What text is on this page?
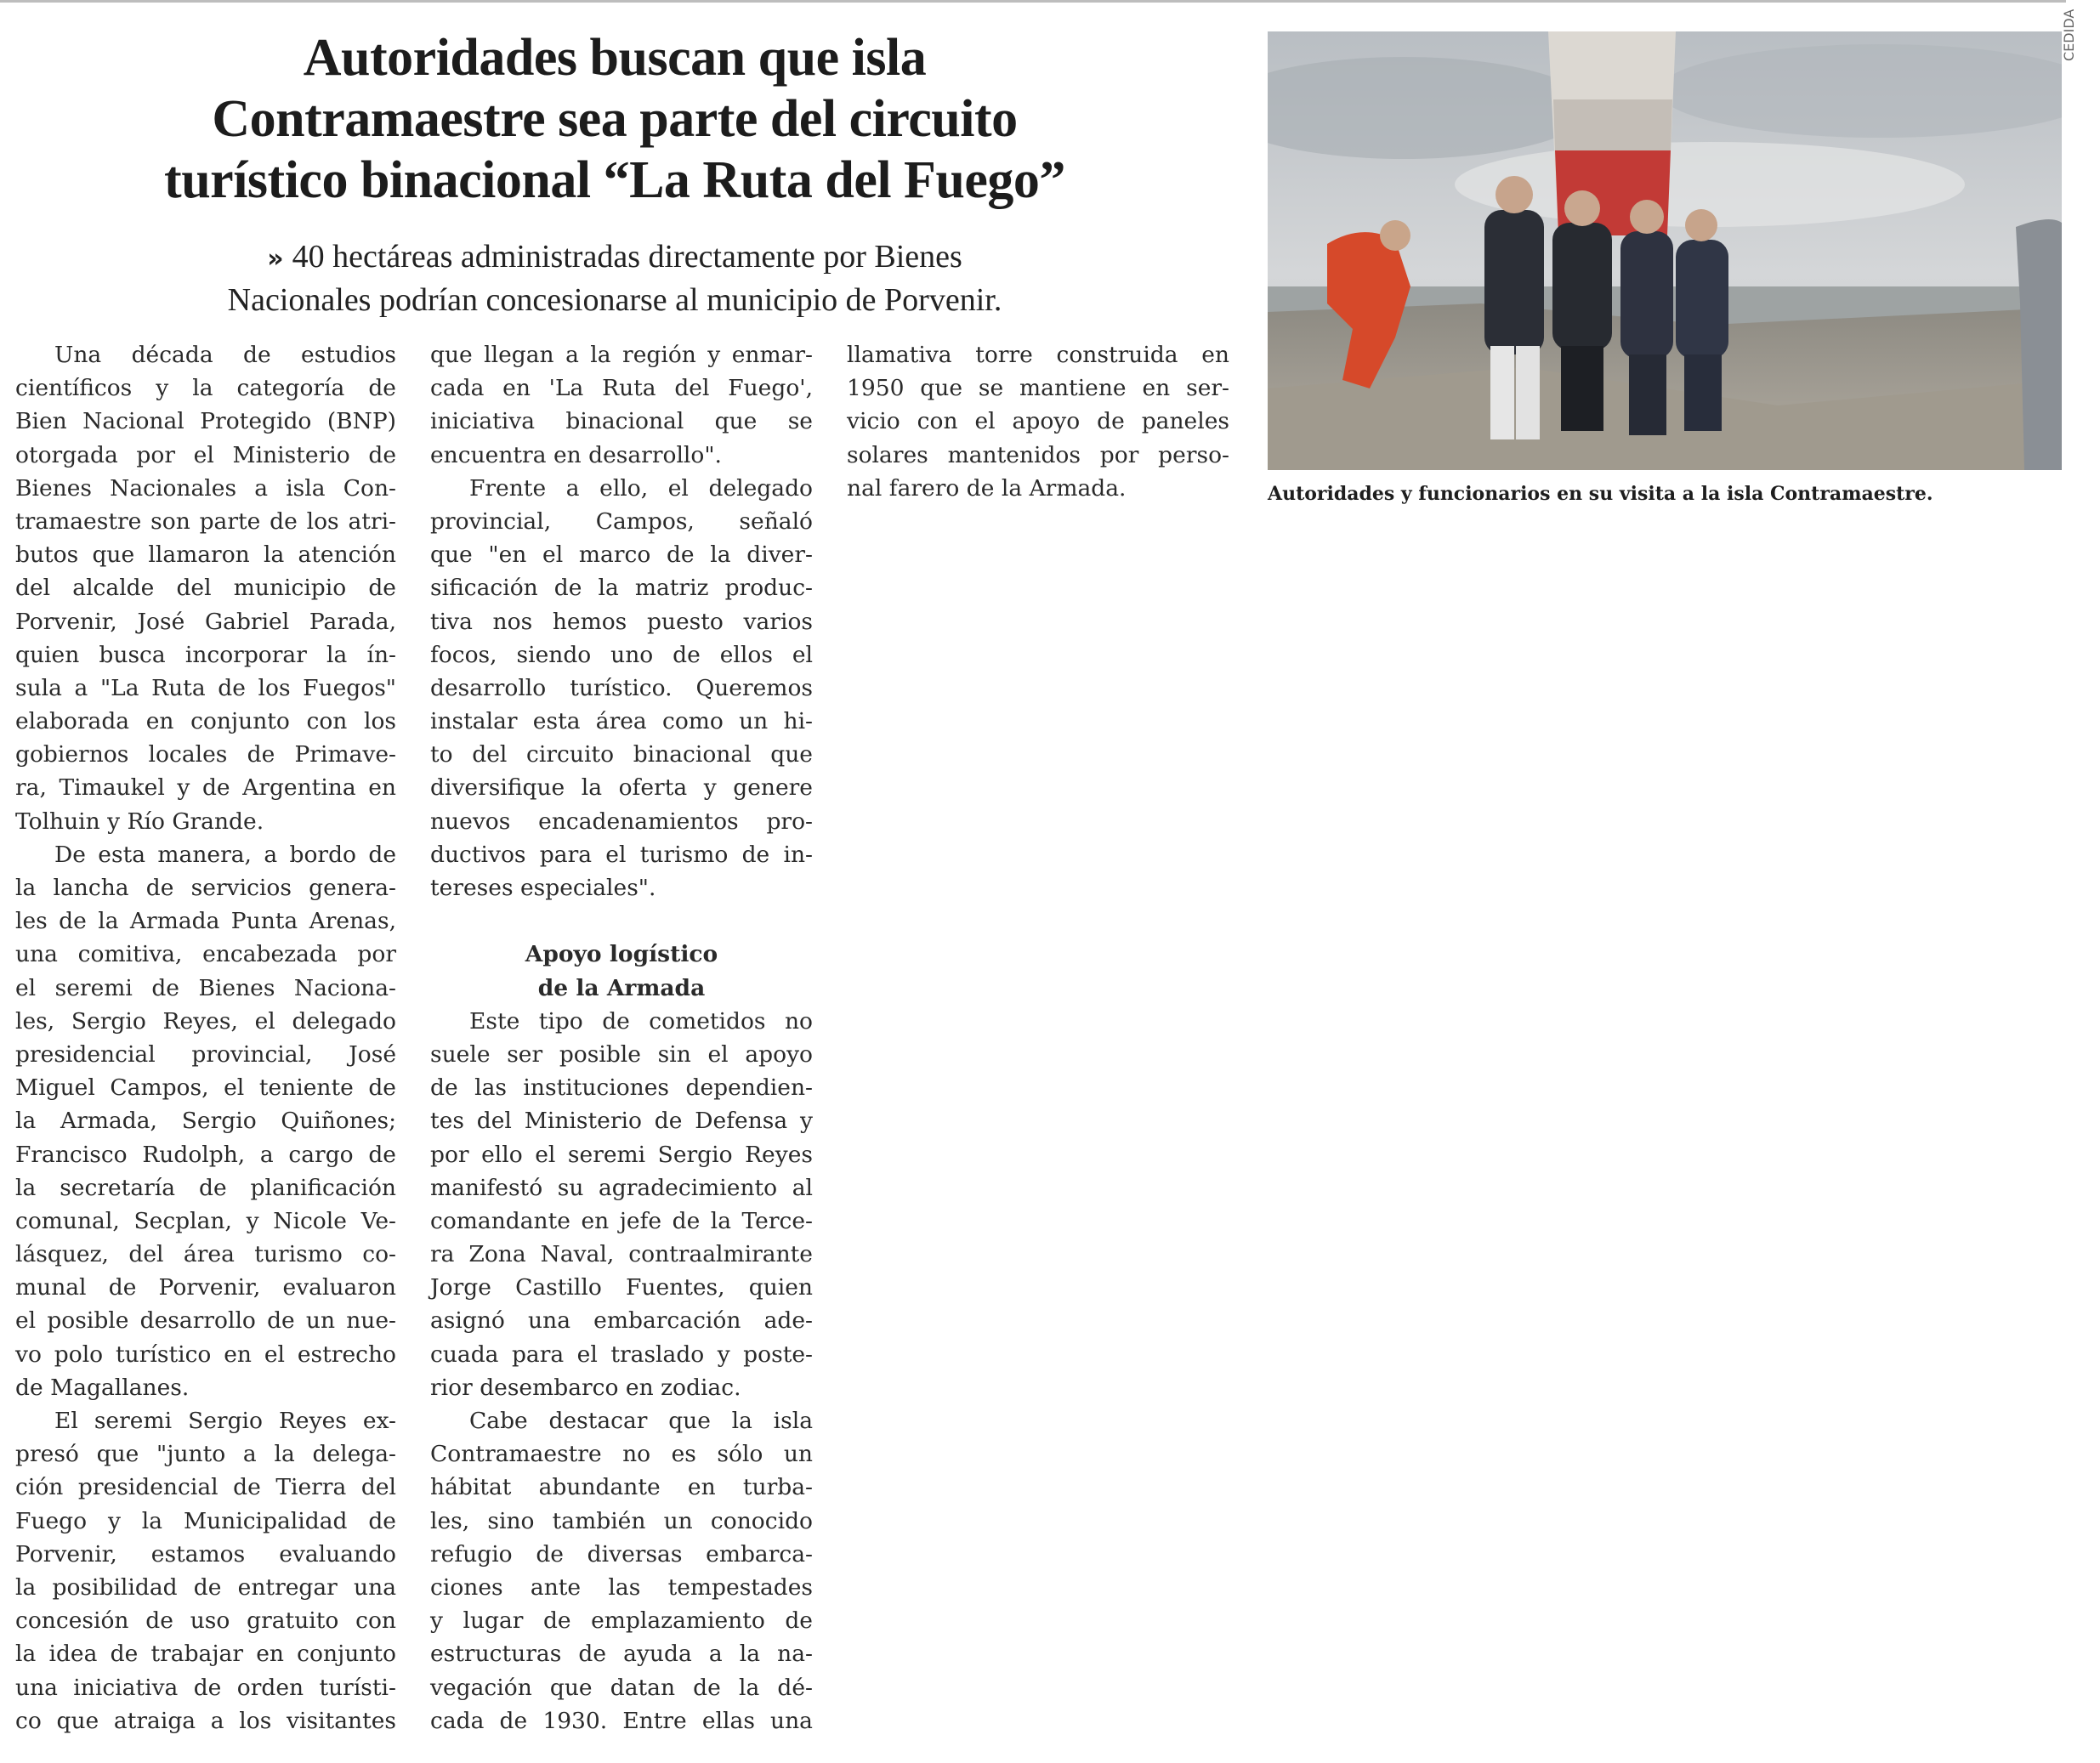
Autoridades buscan que isla
Contramaestre sea parte del circuito
turístico binacional “La Ruta del Fuego”
» 40 hectáreas administradas directamente por Bienes
Nacionales podrían concesionarse al municipio de Porvenir.
Una década de estudios
científicos y la categoría de
Bien Nacional Protegido (BNP)
otorgada por el Ministerio de
Bienes Nacionales a isla Con-
tramaestre son parte de los atri-
butos que llamaron la atención
del alcalde del municipio de
Porvenir, José Gabriel Parada,
quien busca incorporar la ín-
sula a "La Ruta de los Fuegos"
elaborada en conjunto con los
gobiernos locales de Primave-
ra, Timaukel y de Argentina en
Tolhuin y Río Grande.
De esta manera, a bordo de
la lancha de servicios genera-
les de la Armada Punta Arenas,
una comitiva, encabezada por
el seremi de Bienes Naciona-
les, Sergio Reyes, el delegado
presidencial provincial, José
Miguel Campos, el teniente de
la Armada, Sergio Quiñones;
Francisco Rudolph, a cargo de
la secretaría de planificación
comunal, Secplan, y Nicole Ve-
lásquez, del área turismo co-
munal de Porvenir, evaluaron
el posible desarrollo de un nue-
vo polo turístico en el estrecho
de Magallanes.
El seremi Sergio Reyes ex-
presó que "junto a la delega-
ción presidencial de Tierra del
Fuego y la Municipalidad de
Porvenir, estamos evaluando
la posibilidad de entregar una
concesión de uso gratuito con
la idea de trabajar en conjunto
una iniciativa de orden turísti-
co que atraiga a los visitantes
que llegan a la región y enmar-
cada en 'La Ruta del Fuego',
iniciativa binacional que se
encuentra en desarrollo".
Frente a ello, el delegado
provincial, Campos, señaló
que "en el marco de la diver-
sificación de la matriz produc-
tiva nos hemos puesto varios
focos, siendo uno de ellos el
desarrollo turístico. Queremos
instalar esta área como un hi-
to del circuito binacional que
diversifique la oferta y genere
nuevos encadenamientos pro-
ductivos para el turismo de in-
tereses especiales".
Apoyo logístico
de la Armada
Este tipo de cometidos no
suele ser posible sin el apoyo
de las instituciones dependien-
tes del Ministerio de Defensa y
por ello el seremi Sergio Reyes
manifestó su agradecimiento al
comandante en jefe de la Terce-
ra Zona Naval, contraalmirante
Jorge Castillo Fuentes, quien
asignó una embarcación ade-
cuada para el traslado y poste-
rior desembarco en zodiac.
Cabe destacar que la isla
Contramaestre no es sólo un
hábitat abundante en turba-
les, sino también un conocido
refugio de diversas embarca-
ciones ante las tempestades
y lugar de emplazamiento de
estructuras de ayuda a la na-
vegación que datan de la dé-
cada de 1930. Entre ellas una
llamativa torre construida en
1950 que se mantiene en ser-
vicio con el apoyo de paneles
solares mantenidos por perso-
nal farero de la Armada.
CEDIDA
Autoridades y funcionarios en su visita a la isla Contramaestre.
